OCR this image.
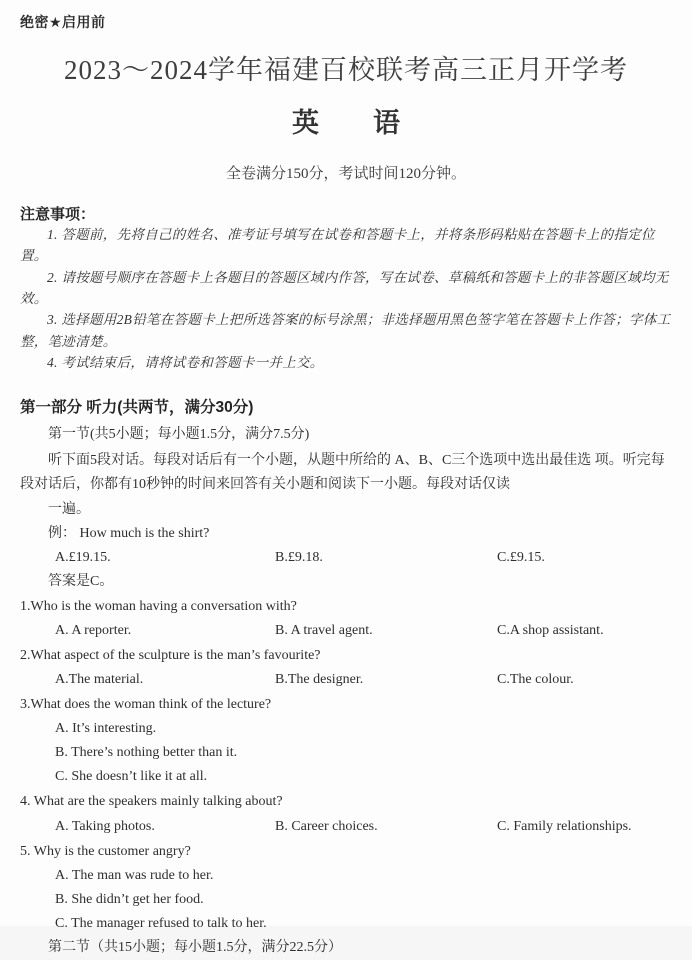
绝密★启用前
2023～2024学年福建百校联考高三正月开学考
英　　语
全卷满分150分，考试时间120分钟。
注意事项：
1. 答题前，先将自己的姓名、准考证号填写在试卷和答题卡上，并将条形码粘贴在答题卡上的指定位置。
2. 请按题号顺序在答题卡上各题目的答题区域内作答，写在试卷、草稿纸和答题卡上的非答题区域均无效。
3. 选择题用2B铅笔在答题卡上把所选答案的标号涂黑；非选择题用黑色签字笔在答题卡上作答；字体工整，笔迹清楚。
4. 考试结束后，请将试卷和答题卡一并上交。
第一部分 听力(共两节，满分30分)
第一节(共5小题；每小题1.5分，满分7.5分)
听下面5段对话。每段对话后有一个小题，从题中所给的 A、B、C三个选项中选出最佳选 项。听完每段对话后，你都有10秒钟的时间来回答有关小题和阅读下一小题。每段对话仅读
一遍。
例： How much is the shirt?
A.£19.15.	B.£9.18.	C.£9.15.
答案是C。
1.Who is the woman having a conversation with?
A. A reporter.	B. A travel agent.	C.A shop assistant.
2.What aspect of the sculpture is the man’s favourite?
A.The material.	B.The designer.	C.The colour.
3.What does the woman think of the lecture?
A. It’s interesting.
B. There’s nothing better than it.
C. She doesn’t like it at all.
4. What are the speakers mainly talking about?
A. Taking photos.	B. Career choices.	C. Family relationships.
5. Why is the customer angry?
A. The man was rude to her.
B. She didn’t get her food.
C. The manager refused to talk to her.
第二节（共15小题；每小题1.5分，满分22.5分）
